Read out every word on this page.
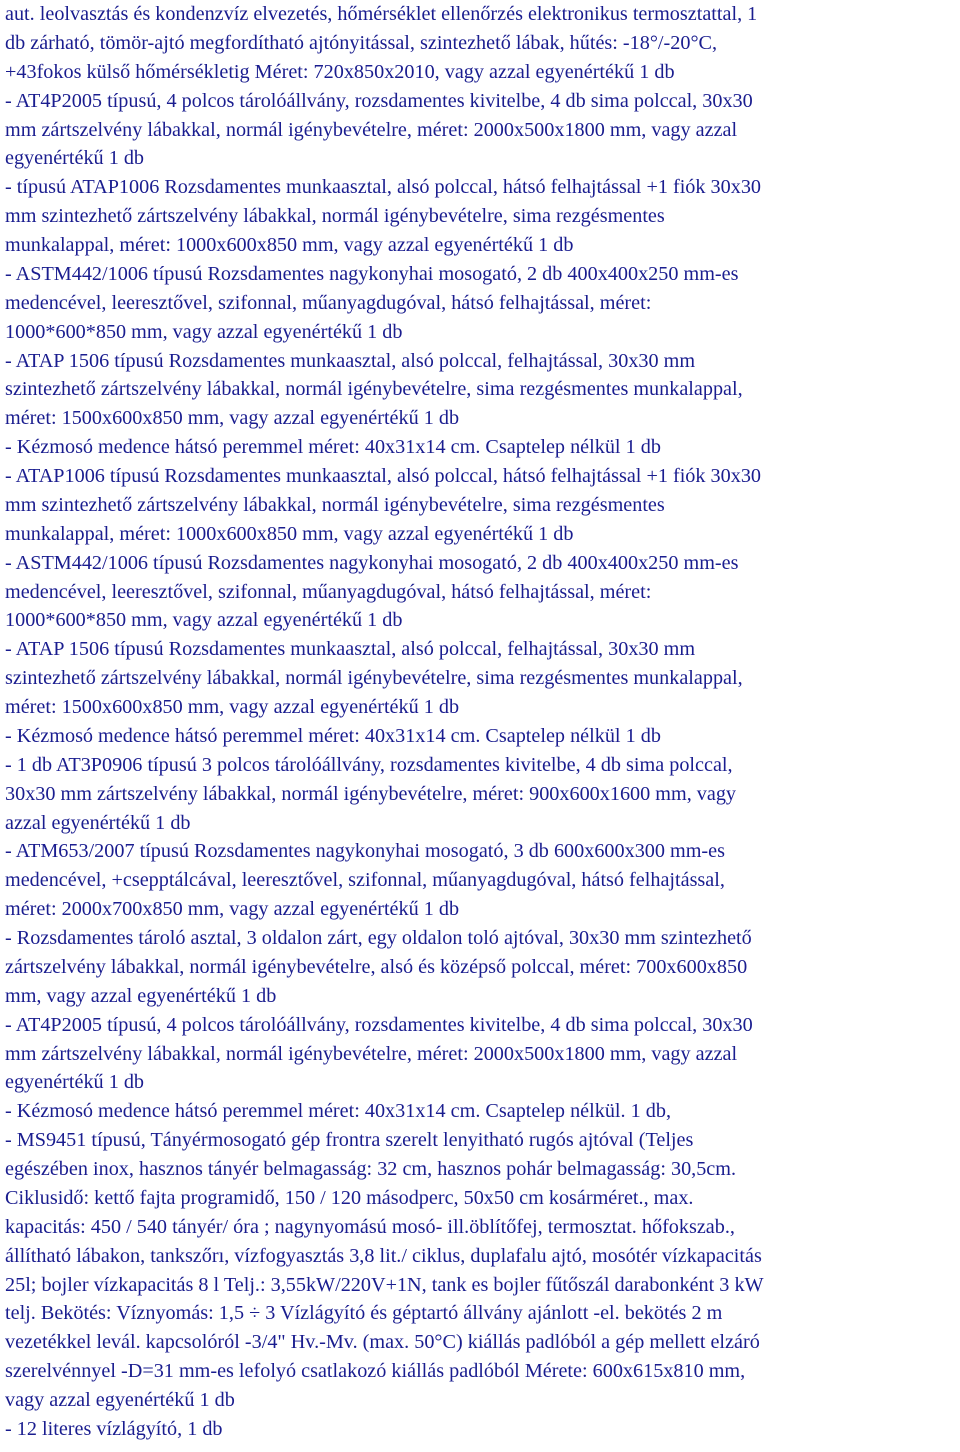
aut. leolvasztás és kondenzvíz elvezetés, hőmérséklet ellenőrzés elektronikus termosztattal, 1
db zárható, tömör-ajtó megfordítható ajtónyitással, szintezhető lábak, hűtés: -18°/-20°C,
+43fokos külső hőmérsékletig Méret: 720x850x2010, vagy azzal egyenértékű 1 db
- AT4P2005 típusú, 4 polcos tárolóállvány, rozsdamentes kivitelbe, 4 db sima polccal, 30x30
mm zártszelvény lábakkal, normál igénybevételre, méret: 2000x500x1800 mm, vagy azzal
egyenértékű 1 db
- típusú ATAP1006 Rozsdamentes munkaasztal, alsó polccal, hátsó felhajtással +1 fiók 30x30
mm szintezhető zártszelvény lábakkal, normál igénybevételre, sima rezgésmentes
munkalappal, méret: 1000x600x850 mm, vagy azzal egyenértékű 1 db
- ASTM442/1006 típusú Rozsdamentes nagykonyhai mosogató, 2 db 400x400x250 mm-es
medencével, leeresztővel, szifonnal, műanyagdugóval, hátsó felhajtással, méret:
1000*600*850 mm, vagy azzal egyenértékű 1 db
- ATAP 1506 típusú Rozsdamentes munkaasztal, alsó polccal, felhajtással, 30x30 mm
szintezhető zártszelvény lábakkal, normál igénybevételre, sima rezgésmentes munkalappal,
méret: 1500x600x850 mm, vagy azzal egyenértékű 1 db
- Kézmosó medence hátsó peremmel méret: 40x31x14 cm. Csaptelep nélkül 1 db
- ATAP1006 típusú Rozsdamentes munkaasztal, alsó polccal, hátsó felhajtással +1 fiók 30x30
mm szintezhető zártszelvény lábakkal, normál igénybevételre, sima rezgésmentes
munkalappal, méret: 1000x600x850 mm, vagy azzal egyenértékű 1 db
- ASTM442/1006 típusú Rozsdamentes nagykonyhai mosogató, 2 db 400x400x250 mm-es
medencével, leeresztővel, szifonnal, műanyagdugóval, hátsó felhajtással, méret:
1000*600*850 mm, vagy azzal egyenértékű 1 db
- ATAP 1506 típusú Rozsdamentes munkaasztal, alsó polccal, felhajtással, 30x30 mm
szintezhető zártszelvény lábakkal, normál igénybevételre, sima rezgésmentes munkalappal,
méret: 1500x600x850 mm, vagy azzal egyenértékű 1 db
- Kézmosó medence hátsó peremmel méret: 40x31x14 cm. Csaptelep nélkül 1 db
- 1 db AT3P0906 típusú 3 polcos tárolóállvány, rozsdamentes kivitelbe, 4 db sima polccal,
30x30 mm zártszelvény lábakkal, normál igénybevételre, méret: 900x600x1600 mm, vagy
azzal egyenértékű 1 db
- ATM653/2007 típusú Rozsdamentes nagykonyhai mosogató, 3 db 600x600x300 mm-es
medencével, +csepptálcával, leeresztővel, szifonnal, műanyagdugóval, hátsó felhajtással,
méret: 2000x700x850 mm, vagy azzal egyenértékű 1 db
- Rozsdamentes tároló asztal, 3 oldalon zárt, egy oldalon toló ajtóval, 30x30 mm szintezhető
zártszelvény lábakkal, normál igénybevételre, alsó és középső polccal, méret: 700x600x850
mm, vagy azzal egyenértékű 1 db
- AT4P2005 típusú, 4 polcos tárolóállvány, rozsdamentes kivitelbe, 4 db sima polccal, 30x30
mm zártszelvény lábakkal, normál igénybevételre, méret: 2000x500x1800 mm, vagy azzal
egyenértékű 1 db
- Kézmosó medence hátsó peremmel méret: 40x31x14 cm. Csaptelep nélkül. 1 db,
- MS9451 típusú, Tányérmosogató gép frontra szerelt lenyitható rugós ajtóval (Teljes
egészében inox, hasznos tányér belmagasság: 32 cm, hasznos pohár belmagasság: 30,5cm.
Ciklusidő: kettő fajta programidő, 150 / 120 másodperc, 50x50 cm kosárméret., max.
kapacitás: 450 / 540 tányér/ óra ; nagynyomású mosó- ill.öblítőfej, termosztat. hőfokszab.,
állítható lábakon, tankszőrı, vízfogyasztás 3,8 lit./ ciklus, duplafalu ajtó, mosótér vízkapacitás
25l; bojler vízkapacitás 8 l Telj.: 3,55kW/220V+1N, tank es bojler fűtőszál darabonként 3 kW
telj. Bekötés: Víznyomás: 1,5 ÷ 3 Vízlágyító és géptartó állvány ajánlott -el. bekötés 2 m
vezetékkel levál. kapcsolóról -3/4" Hv.-Mv. (max. 50°C) kiállás padlóból a gép mellett elzáró
szerelvénnyel -D=31 mm-es lefolyó csatlakozó kiállás padlóból Mérete: 600x615x810 mm,
vagy azzal egyenértékű 1 db
- 12 literes vízlágyító, 1 db
